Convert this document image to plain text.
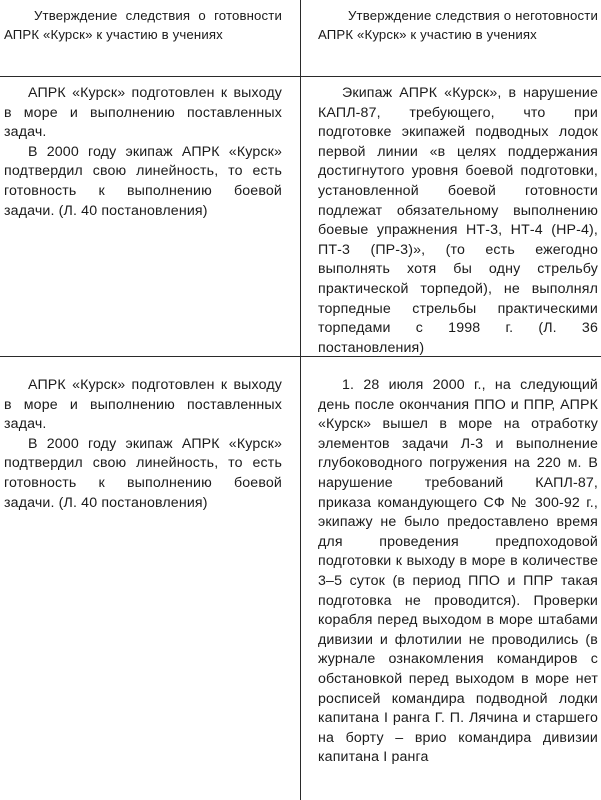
Утверждение следствия о готовности АПРК «Курск» к участию в учениях

Утверждение следствия о неготовности АПРК «Курск» к участию в учениях

АПРК «Курск» подготовлен к выходу в море и выполнению поставленных задач.

В 2000 году экипаж АПРК «Курск» подтвердил свою линейность, то есть готовность к выполнению боевой задачи. (Л. 40 постановления)

Экипаж АПРК «Курск», в нарушение КАПЛ-87, требующего, что при подготовке экипажей подводных лодок первой линии «в целях поддержания достигнутого уровня боевой подготовки, установленной боевой готовности подлежат обязательному выполнению боевые упражнения НТ-3, НТ-4 (НР-4), ПТ-3 (ПР-3)», (то есть ежегодно выполнять хотя бы одну стрельбу практической торпедой), не выполнял торпедные стрельбы практическими торпедами с 1998 г. (Л. 36 постановления)

АПРК «Курск» подготовлен к выходу в море и выполнению поставленных задач.

В 2000 году экипаж АПРК «Курск» подтвердил свою линейность, то есть готовность к выполнению боевой задачи. (Л. 40 постановления)

1. 28 июля 2000 г., на следующий день после окончания ППО и ППР, АПРК «Курск» вышел в море на отработку элементов задачи Л-3 и выполнение глубоководного погружения на 220 м. В нарушение требований КАПЛ-87, приказа командующего СФ № 300-92 г., экипажу не было предоставлено время для проведения предпоходовой подготовки к выходу в море в количестве 3–5 суток (в период ППО и ППР такая подготовка не проводится). Проверки корабля перед выходом в море штабами дивизии и флотилии не проводились (в журнале ознакомления командиров с обстановкой перед выходом в море нет росписей командира подводной лодки капитана I ранга Г. П. Лячина и старшего на борту – врио командира дивизии капитана I ранга
